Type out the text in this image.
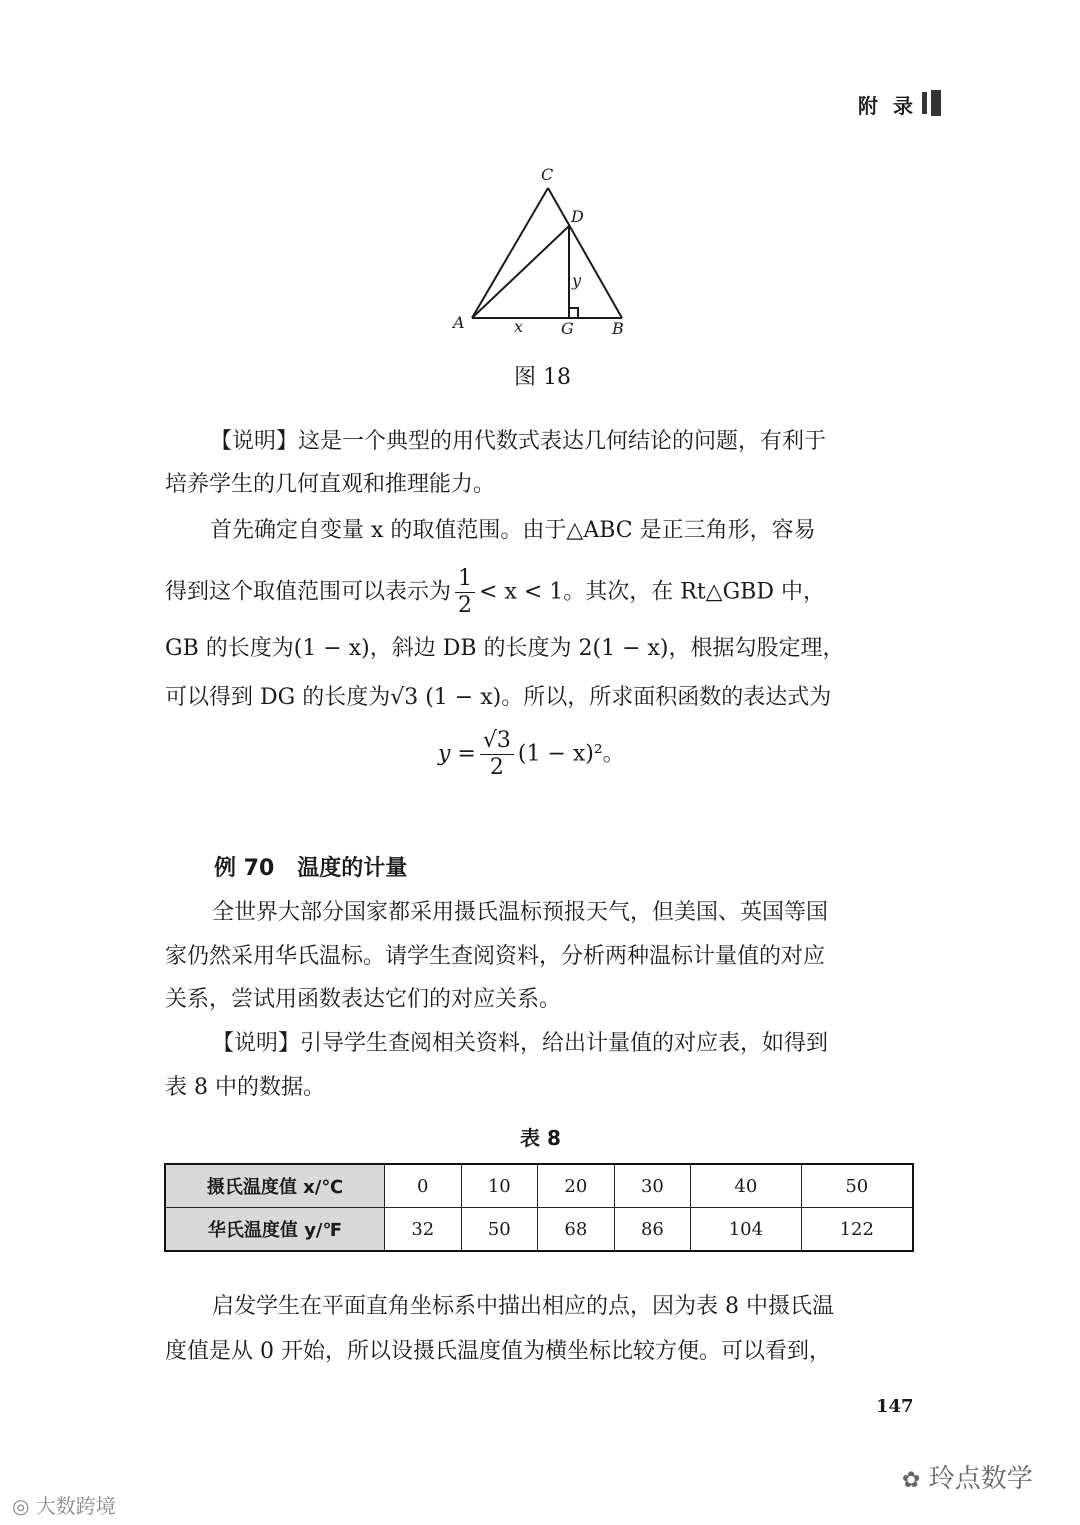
附 录
C
D
A	G B
x
y
图 18
【说明】这是一个典型的用代数式表达几何结论的问题，有利于
培养学生的几何直观和推理能力。
首先确定自变量 x 的取值范围。由于△ABC 是正三角形，容易
得到这个取值范围可以表示为 $\frac{1}{2} < x < 1$。其次，在 Rt△GBD 中，
GB 的长度为(1 − x)，斜边 DB 的长度为 2(1 − x)，根据勾股定理，
可以得到 DG 的长度为√3 (1 − x)。所以，所求面积函数的表达式为
$y = \frac{√3}{2} (1 - x)^2$。
例 70 温度的计量
全世界大部分国家都采用摄氏温标预报天气，但美国、英国等国
家仍然采用华氏温标。请学生查阅资料，分析两种温标计量值的对应
关系，尝试用函数表达它们的对应关系。
【说明】引导学生查阅相关资料，给出计量值的对应表，如得到
表 8 中的数据。
表 8
摄氏温度值 x/℃	0	10	20	30	40	50
华氏温度值 y/℉	32	50	68	86	104	122
启发学生在平面直角坐标系中描出相应的点，因为表 8 中摄氏温
度值是从 0 开始，所以设摄氏温度值为横坐标比较方便。可以看到，
147
◎ 大数跨境
✿ 玲点数学
